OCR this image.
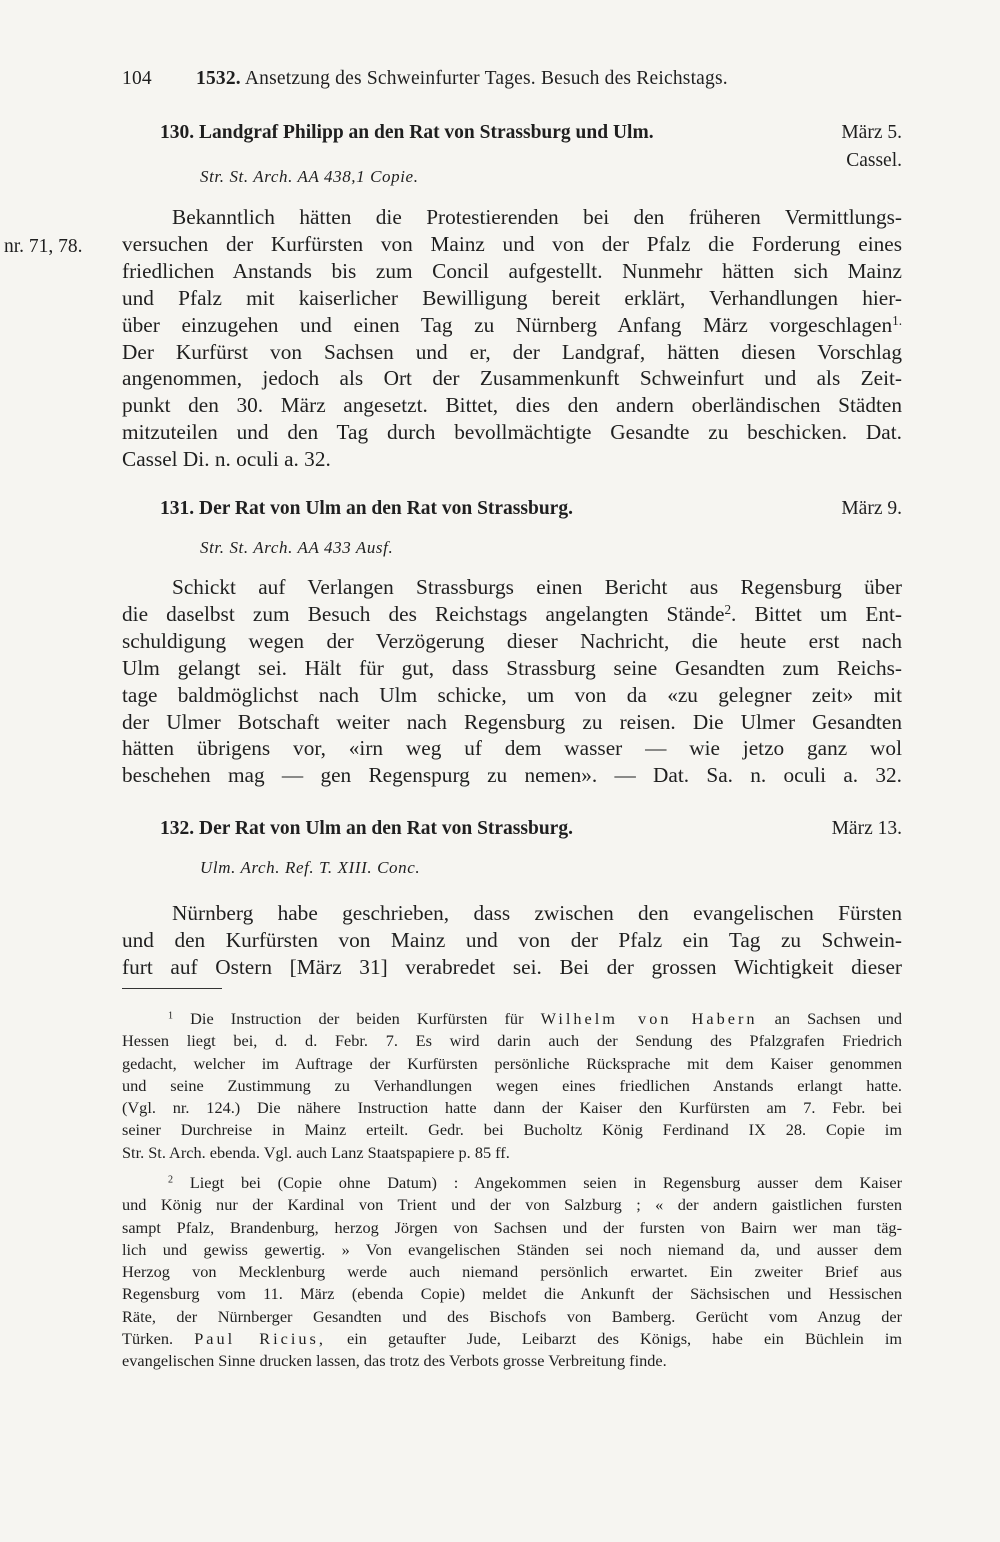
104 1532. Ansetzung des Schweinfurter Tages. Besuch des Reichstags.
130. Landgraf Philipp an den Rat von Strassburg und Ulm.	März 5.
Cassel.
Str. St. Arch. AA 438,1 Copie.
nr. 71, 78.
Bekanntlich hätten die Protestierenden bei den früheren Vermittlungs-
versuchen der Kurfürsten von Mainz und von der Pfalz die Forderung eines
friedlichen Anstands bis zum Concil aufgestellt. Nunmehr hätten sich Mainz
und Pfalz mit kaiserlicher Bewilligung bereit erklärt, Verhandlungen hier-
über einzugehen und einen Tag zu Nürnberg Anfang März vorgeschlagen$^{1.}$
Der Kurfürst von Sachsen und er, der Landgraf, hätten diesen Vorschlag
angenommen, jedoch als Ort der Zusammenkunft Schweinfurt und als Zeit-
punkt den 30. März angesetzt. Bittet, dies den andern oberländischen Städten
mitzuteilen und den Tag durch bevollmächtigte Gesandte zu beschicken. Dat.
Cassel Di. n. oculi a. 32.
131. Der Rat von Ulm an den Rat von Strassburg.	März 9.
Str. St. Arch. AA 433 Ausf.
Schickt auf Verlangen Strassburgs einen Bericht aus Regensburg über
die daselbst zum Besuch des Reichstags angelangten Stände$^2$. Bittet um Ent-
schuldigung wegen der Verzögerung dieser Nachricht, die heute erst nach
Ulm gelangt sei. Hält für gut, dass Strassburg seine Gesandten zum Reichs-
tage baldmöglichst nach Ulm schicke, um von da «zu gelegner zeit» mit
der Ulmer Botschaft weiter nach Regensburg zu reisen. Die Ulmer Gesandten
hätten übrigens vor, «irn weg uf dem wasser — wie jetzo ganz wol
beschehen mag — gen Regenspurg zu nemen». — Dat. Sa. n. oculi a. 32.
132. Der Rat von Ulm an den Rat von Strassburg.	März 13.
Ulm. Arch. Ref. T. XIII. Conc.
Nürnberg habe geschrieben, dass zwischen den evangelischen Fürsten
und den Kurfürsten von Mainz und von der Pfalz ein Tag zu Schwein-
furt auf Ostern [März 31] verabredet sei. Bei der grossen Wichtigkeit dieser
$^1$ Die Instruction der beiden Kurfürsten für Wilhelm von Habern an Sachsen und
Hessen liegt bei, d. d. Febr. 7. Es wird darin auch der Sendung des Pfalzgrafen Friedrich
gedacht, welcher im Auftrage der Kurfürsten persönliche Rücksprache mit dem Kaiser genommen
und seine Zustimmung zu Verhandlungen wegen eines friedlichen Anstands erlangt hatte.
(Vgl. nr. 124.) Die nähere Instruction hatte dann der Kaiser den Kurfürsten am 7. Febr. bei
seiner Durchreise in Mainz erteilt. Gedr. bei Bucholtz König Ferdinand IX 28. Copie im
Str. St. Arch. ebenda. Vgl. auch Lanz Staatspapiere p. 85 ff.
$^2$ Liegt bei (Copie ohne Datum) : Angekommen seien in Regensburg ausser dem Kaiser
und König nur der Kardinal von Trient und der von Salzburg ; « der andern gaistlichen fursten
sampt Pfalz, Brandenburg, herzog Jörgen von Sachsen und der fursten von Bairn wer man täg-
lich und gewiss gewertig. » Von evangelischen Ständen sei noch niemand da, und ausser dem
Herzog von Mecklenburg werde auch niemand persönlich erwartet. Ein zweiter Brief aus
Regensburg vom 11. März (ebenda Copie) meldet die Ankunft der Sächsischen und Hessischen
Räte, der Nürnberger Gesandten und des Bischofs von Bamberg. Gerücht vom Anzug der
Türken. Paul Ricius, ein getaufter Jude, Leibarzt des Königs, habe ein Büchlein im
evangelischen Sinne drucken lassen, das trotz des Verbots grosse Verbreitung finde.
